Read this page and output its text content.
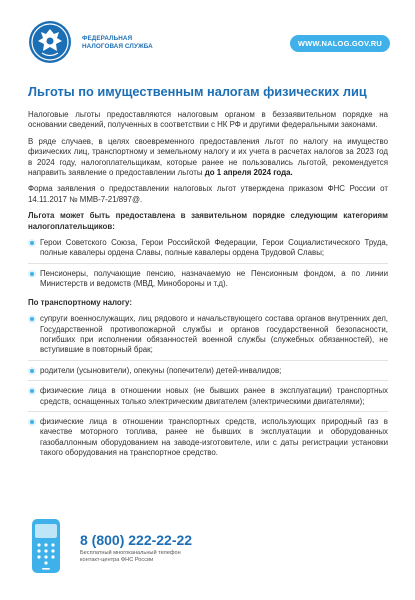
ФЕДЕРАЛЬНАЯ
НАЛОГОВАЯ СЛУЖБА	WWW.NALOG.GOV.RU
Льготы по имущественным налогам физических лиц

Налоговые льготы предоставляются налоговым органом в беззаявительном порядке на основании сведений, полученных в соответствии с НК РФ и другими федеральными законами.

В ряде случаев, в целях своевременного предоставления льгот по налогу на имущество физических лиц, транспортному и земельному налогу и их учета в расчетах налогов за 2023 год в 2024 году, налогоплательщикам, которые ранее не пользовались льготой, рекомендуется направить заявление о предоставлении льготы до 1 апреля 2024 года.

Форма заявления о предоставлении налоговых льгот утверждена приказом ФНС России от 14.11.2017 № ММВ-7-21/897@.

Льгота может быть предоставлена в заявительном порядке следующим категориям налогоплательщиков:

Герои Советского Союза, Герои Российской Федерации, Герои Социалистического Труда, полные кавалеры ордена Славы, полные кавалеры ордена Трудовой Славы;
Пенсионеры, получающие пенсию, назначаемую не Пенсионным фондом, а по линии Министерств и ведомств (МВД, Минобороны и т.д).

По транспортному налогу:

супруги военнослужащих, лиц рядового и начальствующего состава органов внутренних дел, Государственной противопожарной службы и органов государственной безопасности, погибших при исполнении обязанностей военной службы (служебных обязанностей), не вступившие в повторный брак;
родители (усыновители), опекуны (попечители) детей-инвалидов;
физические лица в отношении новых (не бывших ранее в эксплуатации) транспортных средств, оснащенных только электрическим двигателем (электрическими двигателями);
физические лица в отношении транспортных средств, использующих природный газ в качестве моторного топлива, ранее не бывших в эксплуатации и оборудованных газобаллонным оборудованием на заводе-изготовителе, или с даты регистрации установки такого оборудования на транспортное средство.
8 (800) 222-22-22
Бесплатный многоканальный телефон
контакт-центра ФНС России
